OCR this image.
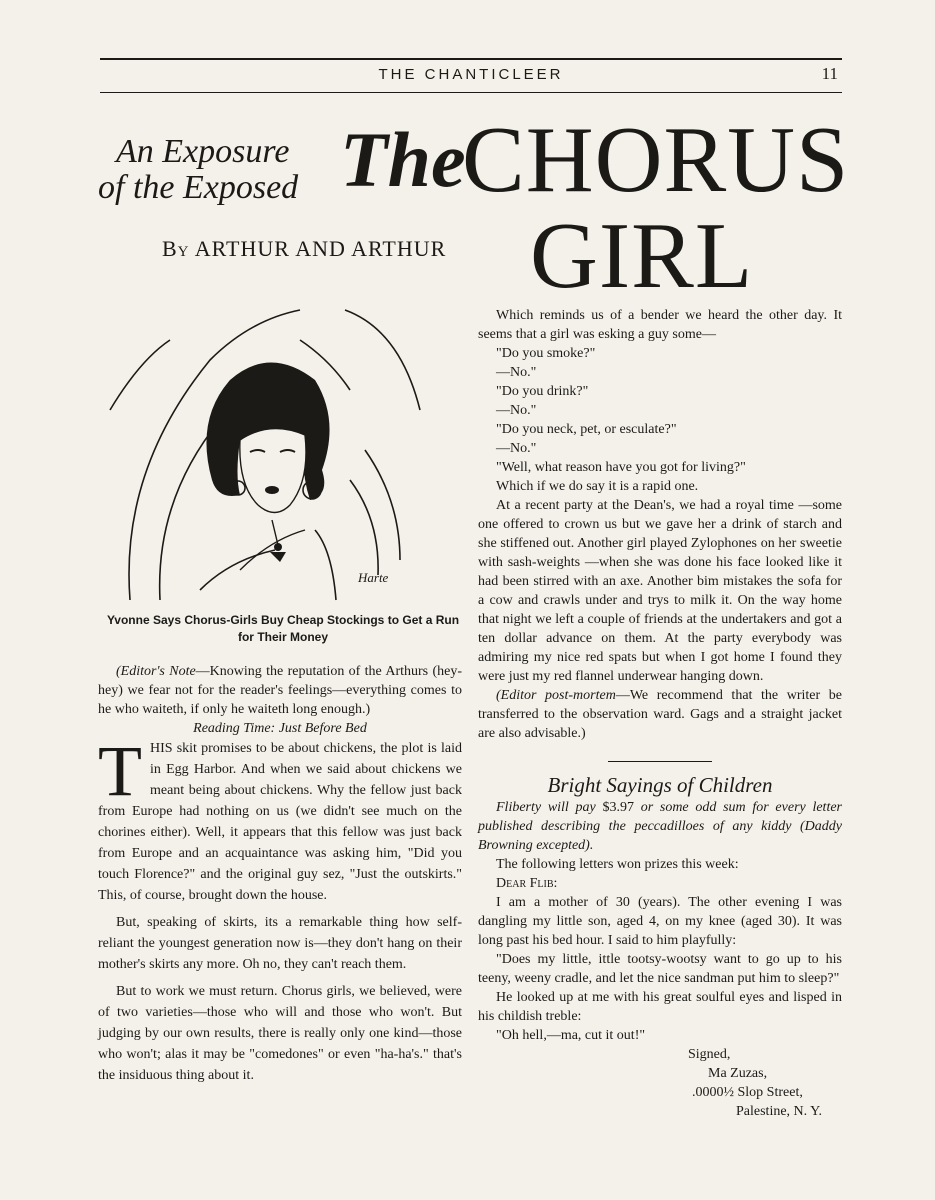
THE CHANTICLEER	11
An Exposure
of the Exposed The
CHORUS
GIRL
By ARTHUR AND ARTHUR
Harte
Yvonne Says Chorus-Girls Buy Cheap Stockings to Get a Run for Their Money

(Editor's Note—Knowing the reputation of the Arthurs (hey-hey) we fear not for the reader's feelings—everything comes to he who waiteth, if only he waiteth long enough.)

Reading Time: Just Before Bed

THIS skit promises to be about chickens, the plot is laid in Egg Harbor. And when we said about chickens we meant being about chickens. Why the fellow just back from Europe had nothing on us (we didn't see much on the chorines either). Well, it appears that this fellow was just back from Europe and an acquaintance was asking him, "Did you touch Florence?" and the original guy sez, "Just the outskirts." This, of course, brought down the house.

But, speaking of skirts, its a remarkable thing how self-reliant the youngest generation now is—they don't hang on their mother's skirts any more. Oh no, they can't reach them.

But to work we must return. Chorus girls, we believed, were of two varieties—those who will and those who won't. But judging by our own results, there is really only one kind—those who won't; alas it may be "comedones" or even "ha-ha's." that's the insiduous thing about it.

Which reminds us of a bender we heard the other day. It seems that a girl was esking a guy some—

"Do you smoke?"

—No."

"Do you drink?"

—No."

"Do you neck, pet, or esculate?"

—No."

"Well, what reason have you got for living?"

Which if we do say it is a rapid one.

At a recent party at the Dean's, we had a royal time —some one offered to crown us but we gave her a drink of starch and she stiffened out. Another girl played Zylophones on her sweetie with sash-weights —when she was done his face looked like it had been stirred with an axe. Another bim mistakes the sofa for a cow and crawls under and trys to milk it. On the way home that night we left a couple of friends at the undertakers and got a ten dollar advance on them. At the party everybody was admiring my nice red spats but when I got home I found they were just my red flannel underwear hanging down.

(Editor post-mortem—We recommend that the writer be transferred to the observation ward. Gags and a straight jacket are also advisable.)

Bright Sayings of Children

Fliberty will pay $3.97 or some odd sum for every letter published describing the peccadilloes of any kiddy (Daddy Browning excepted).

The following letters won prizes this week:

Dear Flib:

I am a mother of 30 (years). The other evening I was dangling my little son, aged 4, on my knee (aged 30). It was long past his bed hour. I said to him playfully:

"Does my little, ittle tootsy-wootsy want to go up to his teeny, weeny cradle, and let the nice sandman put him to sleep?"

He looked up at me with his great soulful eyes and lisped in his childish treble:

"Oh hell,—ma, cut it out!"

Signed,

Ma Zuzas,

.0000½ Slop Street,

Palestine, N. Y.
